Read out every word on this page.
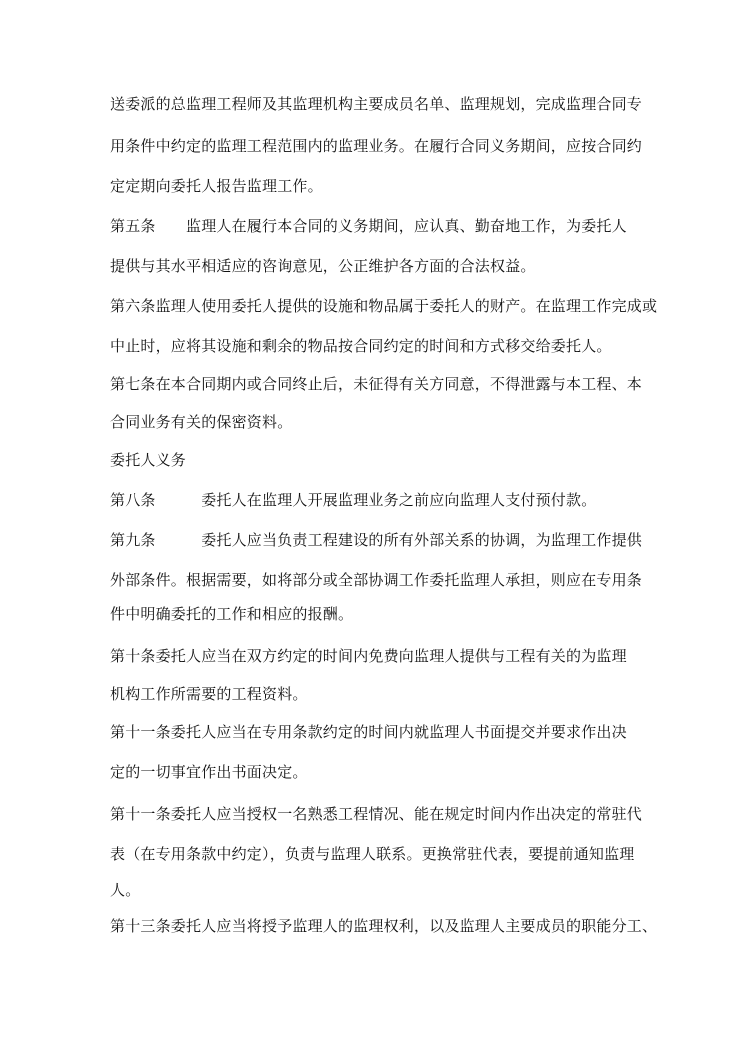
送委派的总监理工程师及其监理机构主要成员名单、监理规划，完成监理合同专
用条件中约定的监理工程范围内的监理业务。在履行合同义务期间，应按合同约
定定期向委托人报告监理工作。
第五条　　监理人在履行本合同的义务期间，应认真、勤奋地工作，为委托人
提供与其水平相适应的咨询意见，公正维护各方面的合法权益。
第六条监理人使用委托人提供的设施和物品属于委托人的财产。在监理工作完成或
中止时，应将其设施和剩余的物品按合同约定的时间和方式移交给委托人。
第七条在本合同期内或合同终止后，未征得有关方同意，不得泄露与本工程、本
合同业务有关的保密资料。
委托人义务
第八条　　　委托人在监理人开展监理业务之前应向监理人支付预付款。
第九条　　　委托人应当负责工程建设的所有外部关系的协调，为监理工作提供
外部条件。根据需要，如将部分或全部协调工作委托监理人承担，则应在专用条
件中明确委托的工作和相应的报酬。
第十条委托人应当在双方约定的时间内免费向监理人提供与工程有关的为监理
机构工作所需要的工程资料。
第十一条委托人应当在专用条款约定的时间内就监理人书面提交并要求作出决
定的一切事宜作出书面决定。
第十一条委托人应当授权一名熟悉工程情况、能在规定时间内作出决定的常驻代
表（在专用条款中约定），负责与监理人联系。更换常驻代表，要提前通知监理
人。
第十三条委托人应当将授予监理人的监理权利，以及监理人主要成员的职能分工、
